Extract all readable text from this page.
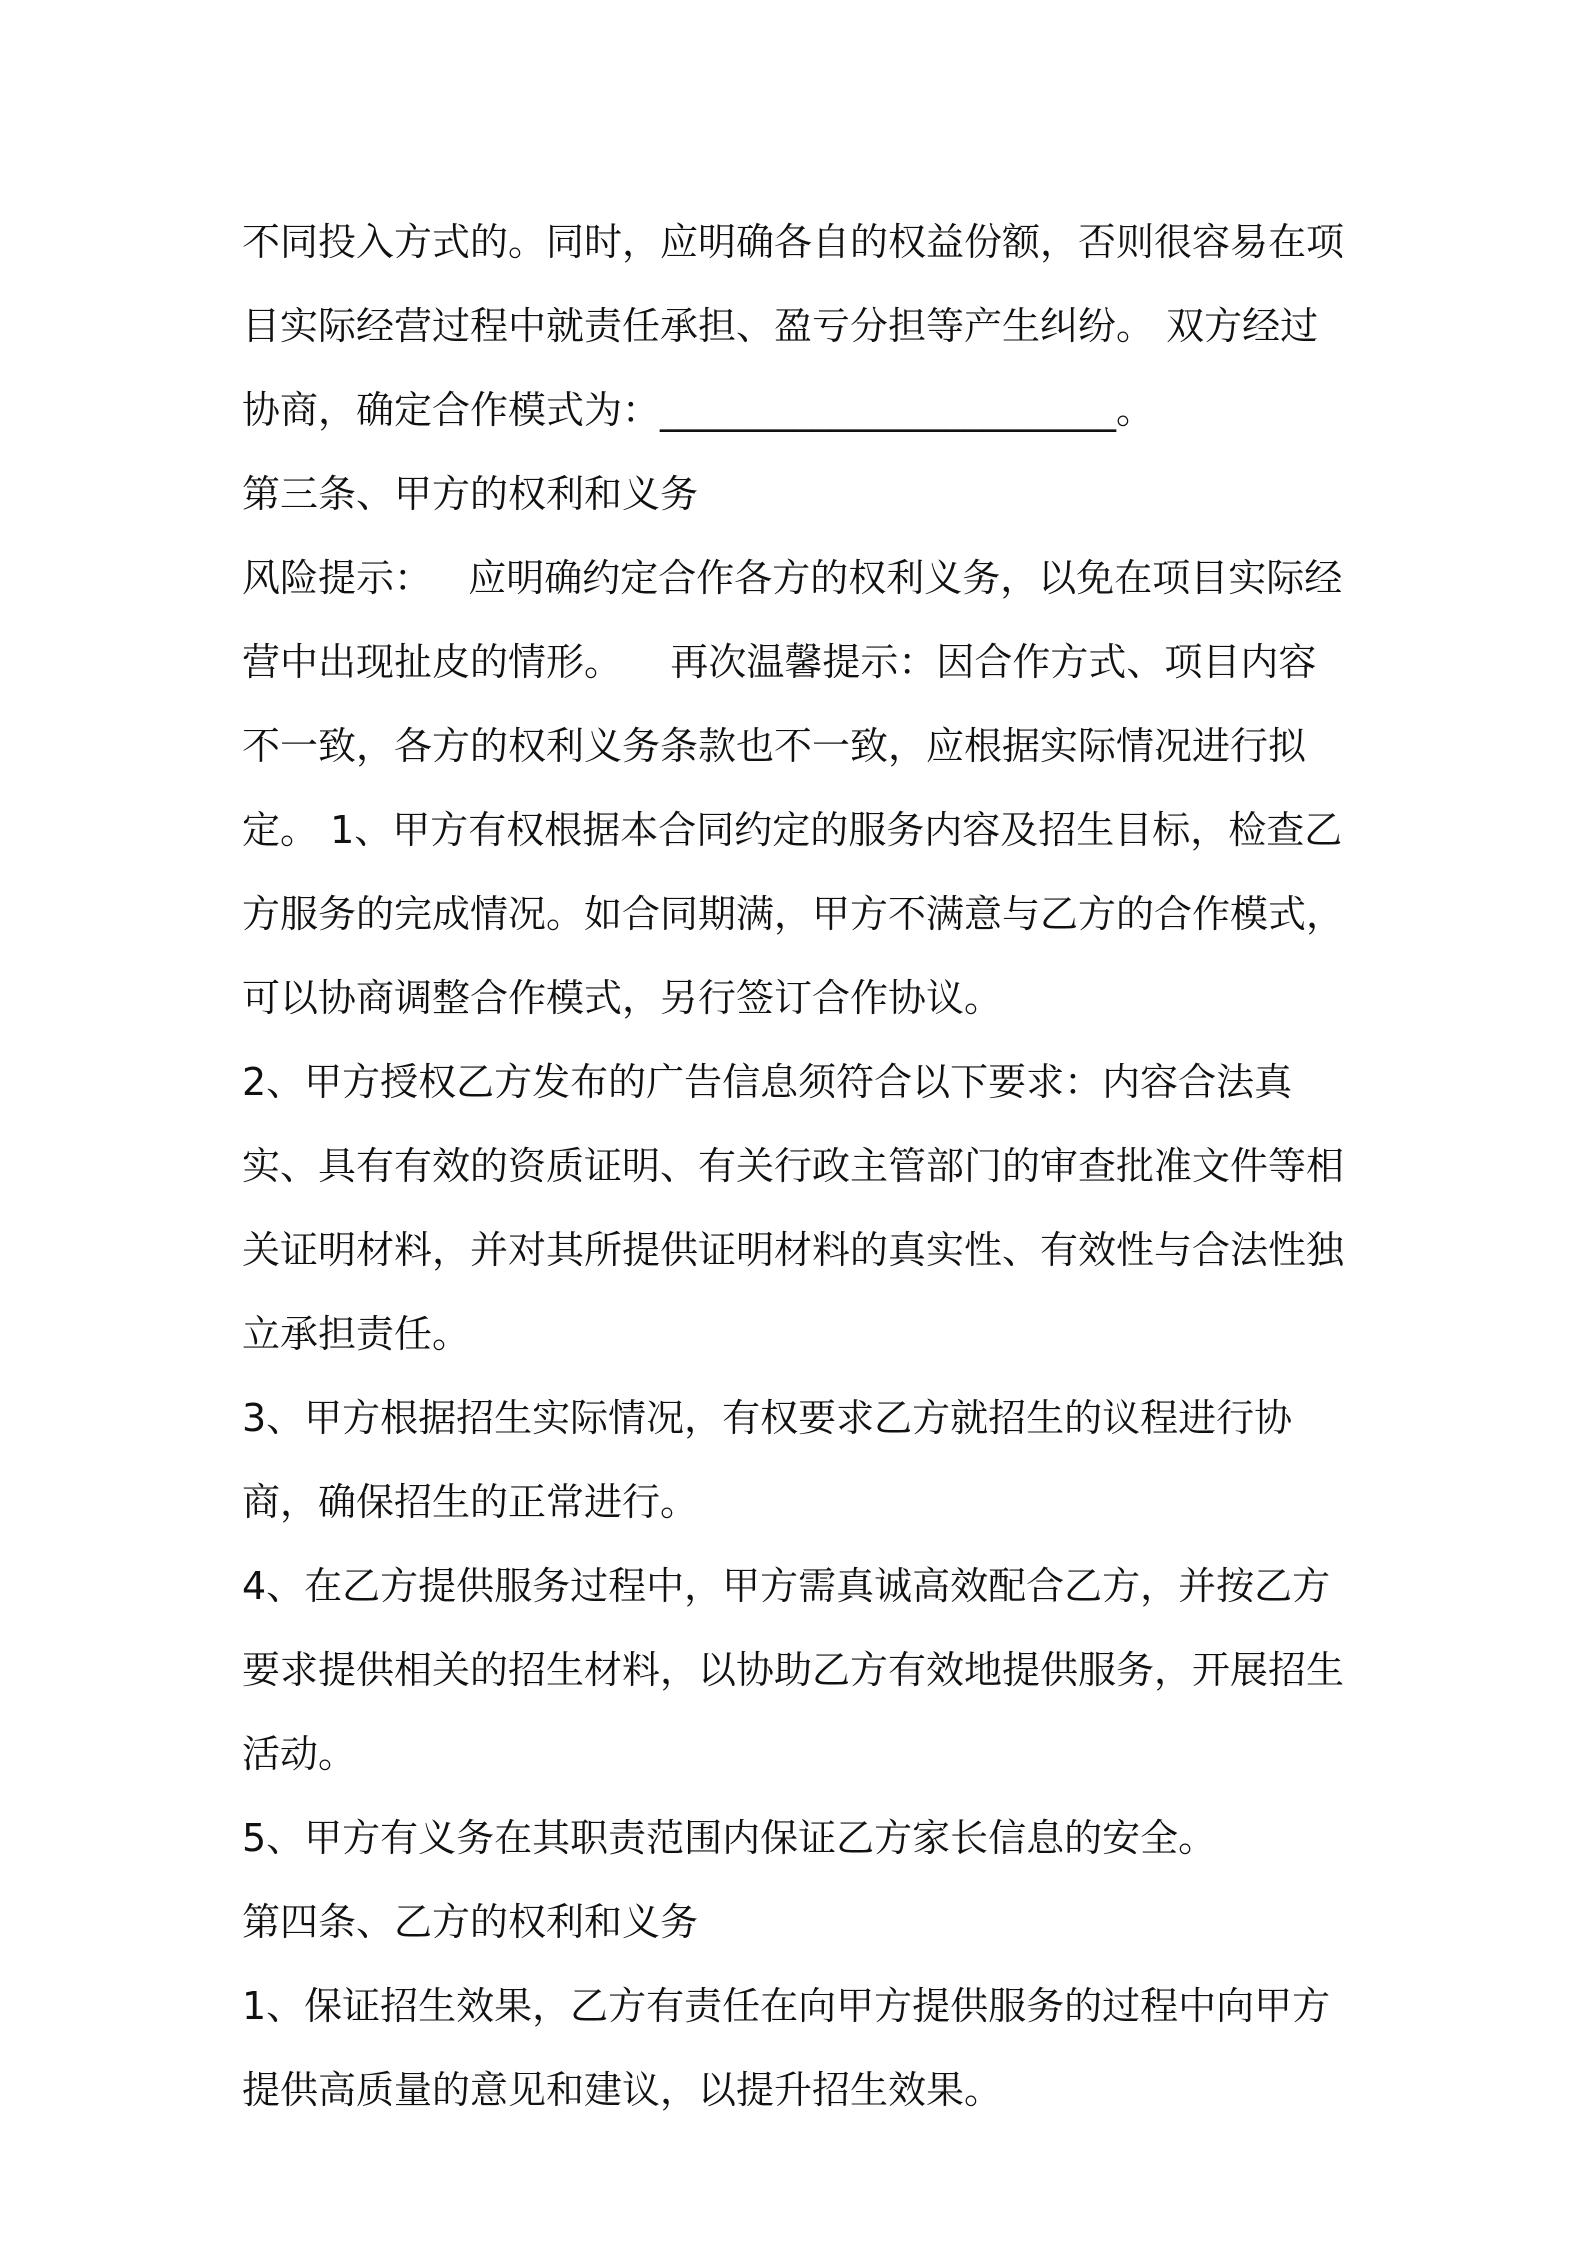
不同投入方式的。同时，应明确各自的权益份额，否则很容易在项目实际经营过程中就责任承担、盈亏分担等产生纠纷。 双方经过协商，确定合作模式为：________________________。

第三条、甲方的权利和义务

风险提示：   应明确约定合作各方的权利义务，以免在项目实际经营中出现扯皮的情形。    再次温馨提示：因合作方式、项目内容不一致，各方的权利义务条款也不一致，应根据实际情况进行拟定。 1、甲方有权根据本合同约定的服务内容及招生目标，检查乙方服务的完成情况。如合同期满，甲方不满意与乙方的合作模式，可以协商调整合作模式，另行签订合作协议。

2、甲方授权乙方发布的广告信息须符合以下要求：内容合法真实、具有有效的资质证明、有关行政主管部门的审查批准文件等相关证明材料，并对其所提供证明材料的真实性、有效性与合法性独立承担责任。

3、甲方根据招生实际情况，有权要求乙方就招生的议程进行协商，确保招生的正常进行。

4、在乙方提供服务过程中，甲方需真诚高效配合乙方，并按乙方要求提供相关的招生材料，以协助乙方有效地提供服务，开展招生活动。

5、甲方有义务在其职责范围内保证乙方家长信息的安全。

第四条、乙方的权利和义务

1、保证招生效果，乙方有责任在向甲方提供服务的过程中向甲方提供高质量的意见和建议，以提升招生效果。
